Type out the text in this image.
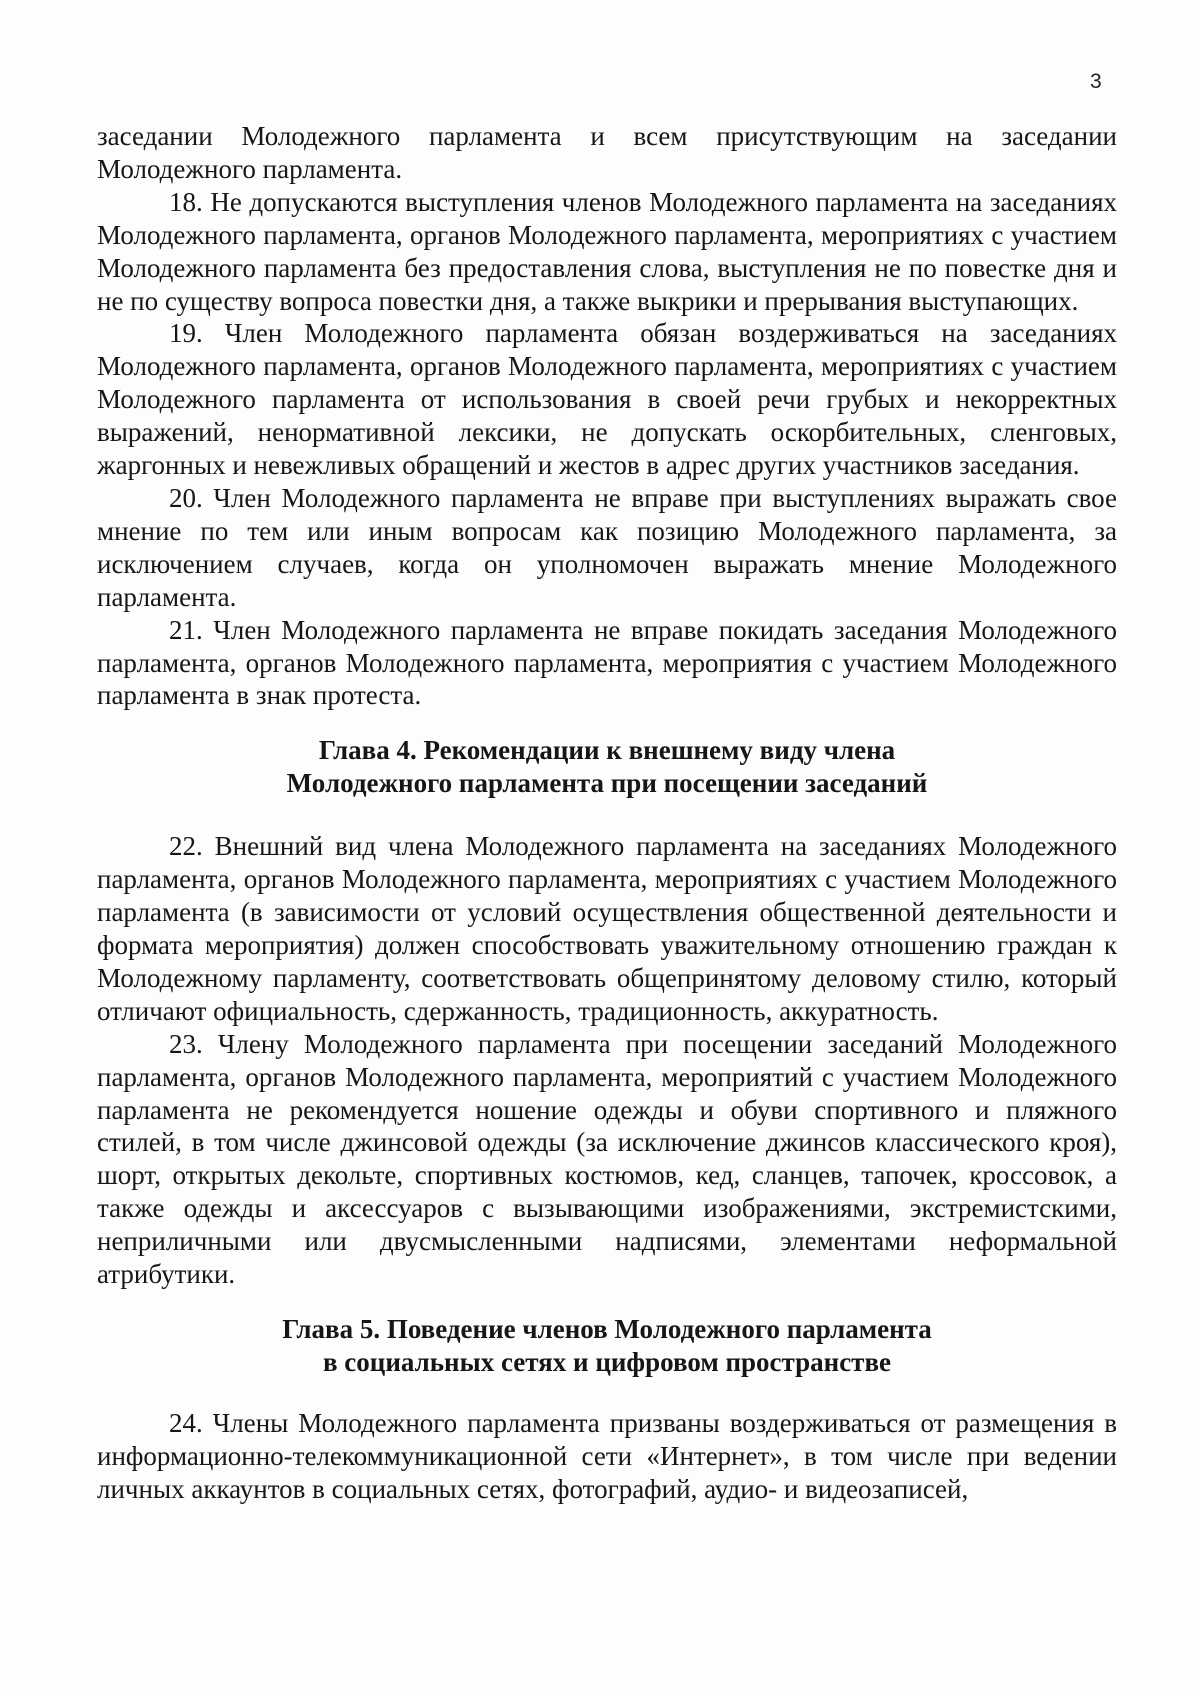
3

заседании Молодежного парламента и всем присутствующим на заседании Молодежного парламента.

18. Не допускаются выступления членов Молодежного парламента на заседаниях Молодежного парламента, органов Молодежного парламента, мероприятиях с участием Молодежного парламента без предоставления слова, выступления не по повестке дня и не по существу вопроса повестки дня, а также выкрики и прерывания выступающих.

19. Член Молодежного парламента обязан воздерживаться на заседаниях Молодежного парламента, органов Молодежного парламента, мероприятиях с участием Молодежного парламента от использования в своей речи грубых и некорректных выражений, ненормативной лексики, не допускать оскорбительных, сленговых, жаргонных и невежливых обращений и жестов в адрес других участников заседания.

20. Член Молодежного парламента не вправе при выступлениях выражать свое мнение по тем или иным вопросам как позицию Молодежного парламента, за исключением случаев, когда он уполномочен выражать мнение Молодежного парламента.

21. Член Молодежного парламента не вправе покидать заседания Молодежного парламента, органов Молодежного парламента, мероприятия с участием Молодежного парламента в знак протеста.

Глава 4. Рекомендации к внешнему виду члена
Молодежного парламента при посещении заседаний

22. Внешний вид члена Молодежного парламента на заседаниях Молодежного парламента, органов Молодежного парламента, мероприятиях с участием Молодежного парламента (в зависимости от условий осуществления общественной деятельности и формата мероприятия) должен способствовать уважительному отношению граждан к Молодежному парламенту, соответствовать общепринятому деловому стилю, который отличают официальность, сдержанность, традиционность, аккуратность.

23. Члену Молодежного парламента при посещении заседаний Молодежного парламента, органов Молодежного парламента, мероприятий с участием Молодежного парламента не рекомендуется ношение одежды и обуви спортивного и пляжного стилей, в том числе джинсовой одежды (за исключение джинсов классического кроя), шорт, открытых декольте, спортивных костюмов, кед, сланцев, тапочек, кроссовок, а также одежды и аксессуаров с вызывающими изображениями, экстремистскими, неприличными или двусмысленными надписями, элементами неформальной атрибутики.

Глава 5. Поведение членов Молодежного парламента
в социальных сетях и цифровом пространстве

24. Члены Молодежного парламента призваны воздерживаться от размещения в информационно-телекоммуникационной сети «Интернет», в том числе при ведении личных аккаунтов в социальных сетях, фотографий, аудио- и видеозаписей,
